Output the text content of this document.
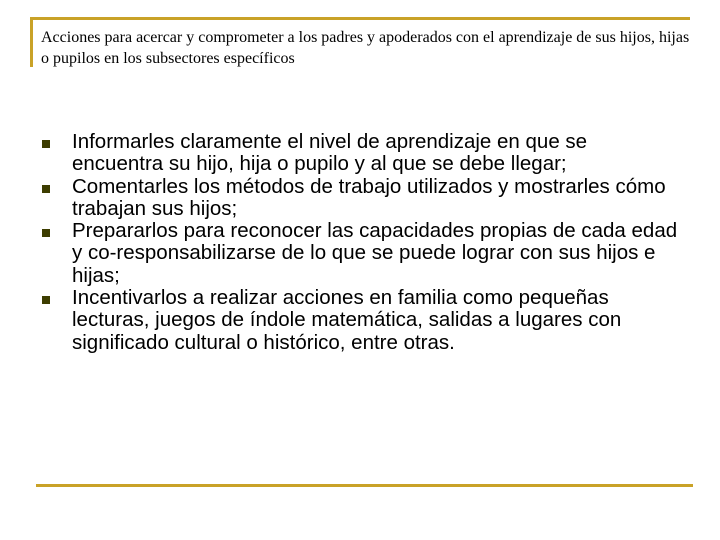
Acciones para acercar y comprometer a los padres y apoderados con el aprendizaje de sus hijos, hijas o pupilos en los subsectores específicos
Informarles claramente el nivel de aprendizaje en que se encuentra su hijo, hija o pupilo y al que se debe llegar;
Comentarles los métodos de trabajo utilizados y mostrarles cómo trabajan sus hijos;
Prepararlos para reconocer las capacidades propias de cada edad y co-responsabilizarse de lo que se puede lograr con sus hijos e hijas;
Incentivarlos a realizar acciones en familia como pequeñas lecturas, juegos de índole matemática, salidas a lugares con significado cultural o histórico, entre otras.
